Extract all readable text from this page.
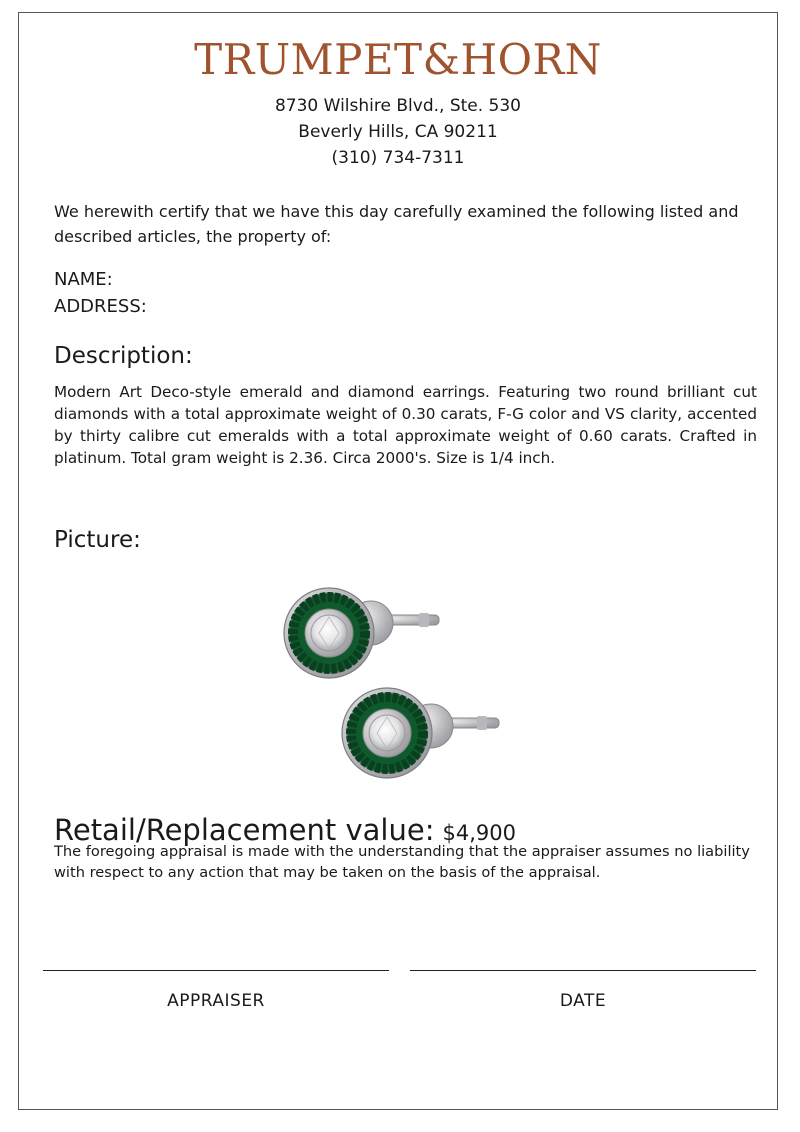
TRUMPET&HORN
8730 Wilshire Blvd., Ste. 530
Beverly Hills, CA 90211
(310) 734-7311
We herewith certify that we have this day carefully examined the following listed and described articles, the property of:
NAME:
ADDRESS:
Description:
Modern Art Deco-style emerald and diamond earrings. Featuring two round brilliant cut diamonds with a total approximate weight of 0.30 carats, F-G color and VS clarity, accented by thirty calibre cut emeralds with a total approximate weight of 0.60 carats. Crafted in platinum. Total gram weight is 2.36. Circa 2000's. Size is 1/4 inch.
Picture:
Retail/Replacement value: $4,900
The foregoing appraisal is made with the understanding that the appraiser assumes no liability with respect to any action that may be taken on the basis of the appraisal.
APPRAISER	DATE
